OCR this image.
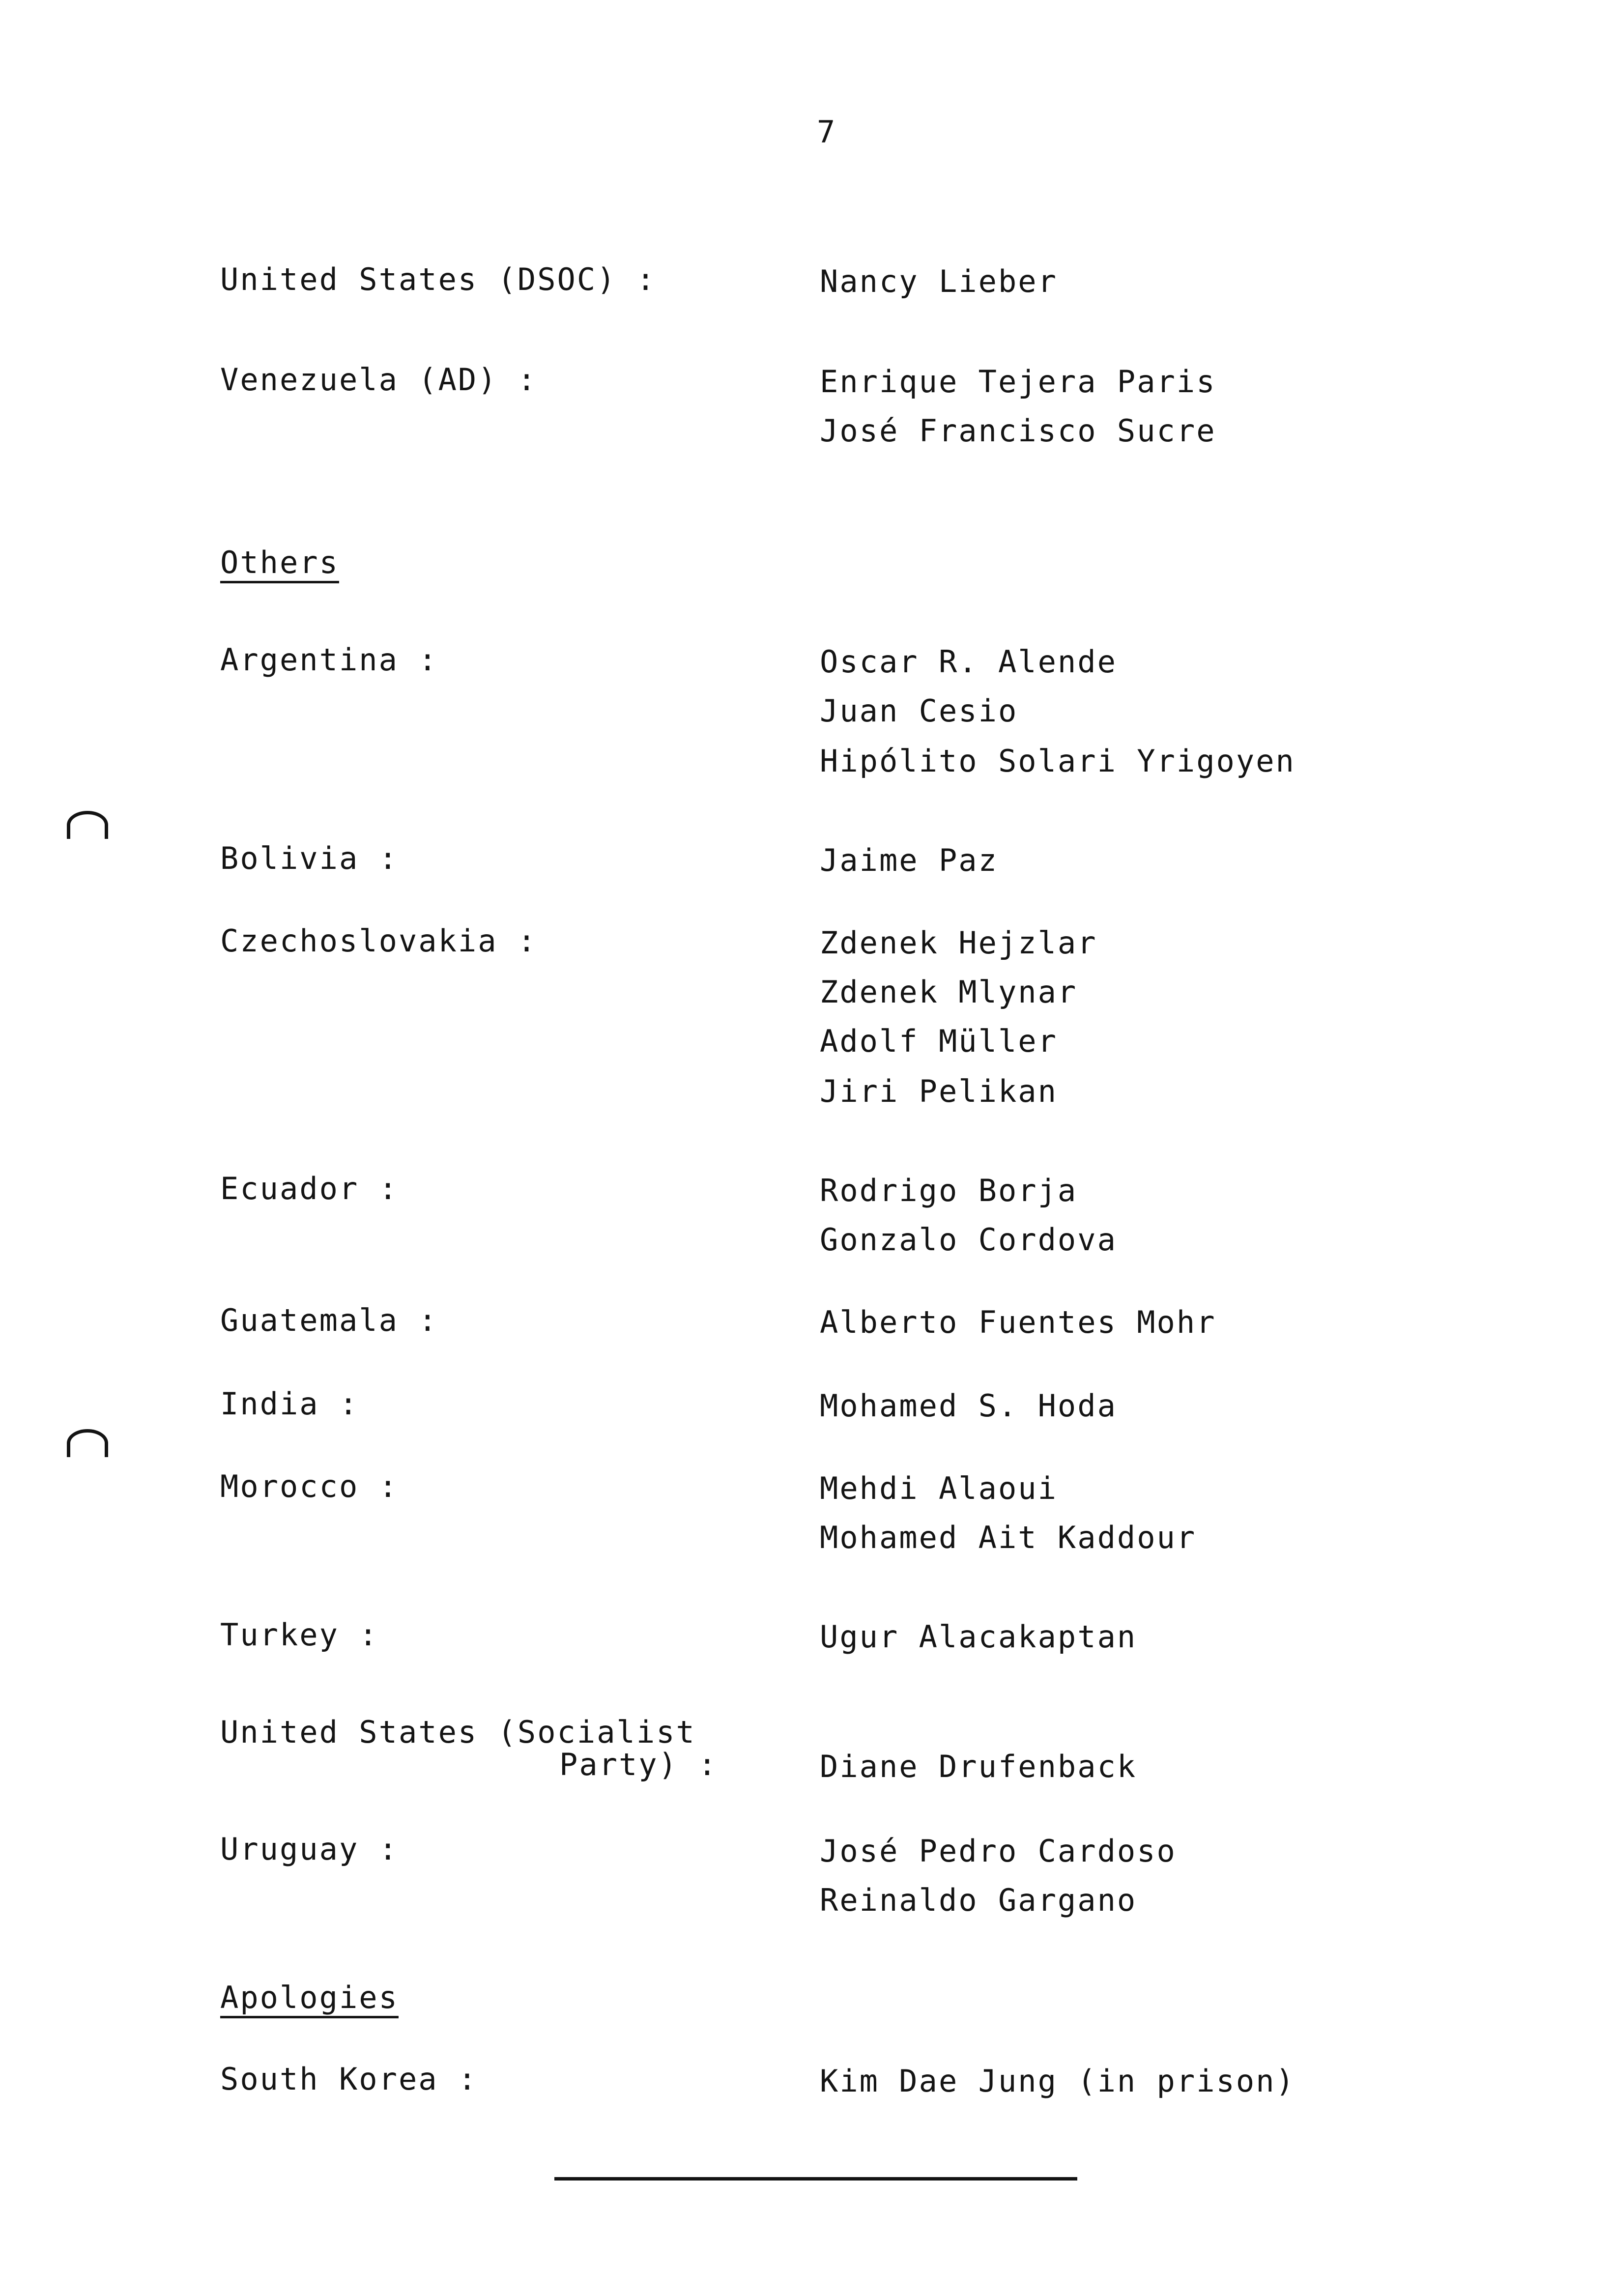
7
United States (DSOC) :	Nancy Lieber
Venezuela (AD) :	Enrique Tejera Paris
José Francisco Sucre
Others
Argentina :	Oscar R. Alende
Juan Cesio
Hipólito Solari Yrigoyen
Bolivia :	Jaime Paz
Czechoslovakia :	Zdenek Hejzlar
Zdenek Mlynar
Adolf Müller
Jiri Pelikan
Ecuador :	Rodrigo Borja
Gonzalo Cordova
Guatemala :	Alberto Fuentes Mohr
India :	Mohamed S. Hoda
Morocco :	Mehdi Alaoui
Mohamed Ait Kaddour
Turkey :	Ugur Alacakaptan
United States (Socialist
Party) :	Diane Drufenback
Uruguay :	José Pedro Cardoso
Reinaldo Gargano
Apologies
South Korea :	Kim Dae Jung (in prison)
